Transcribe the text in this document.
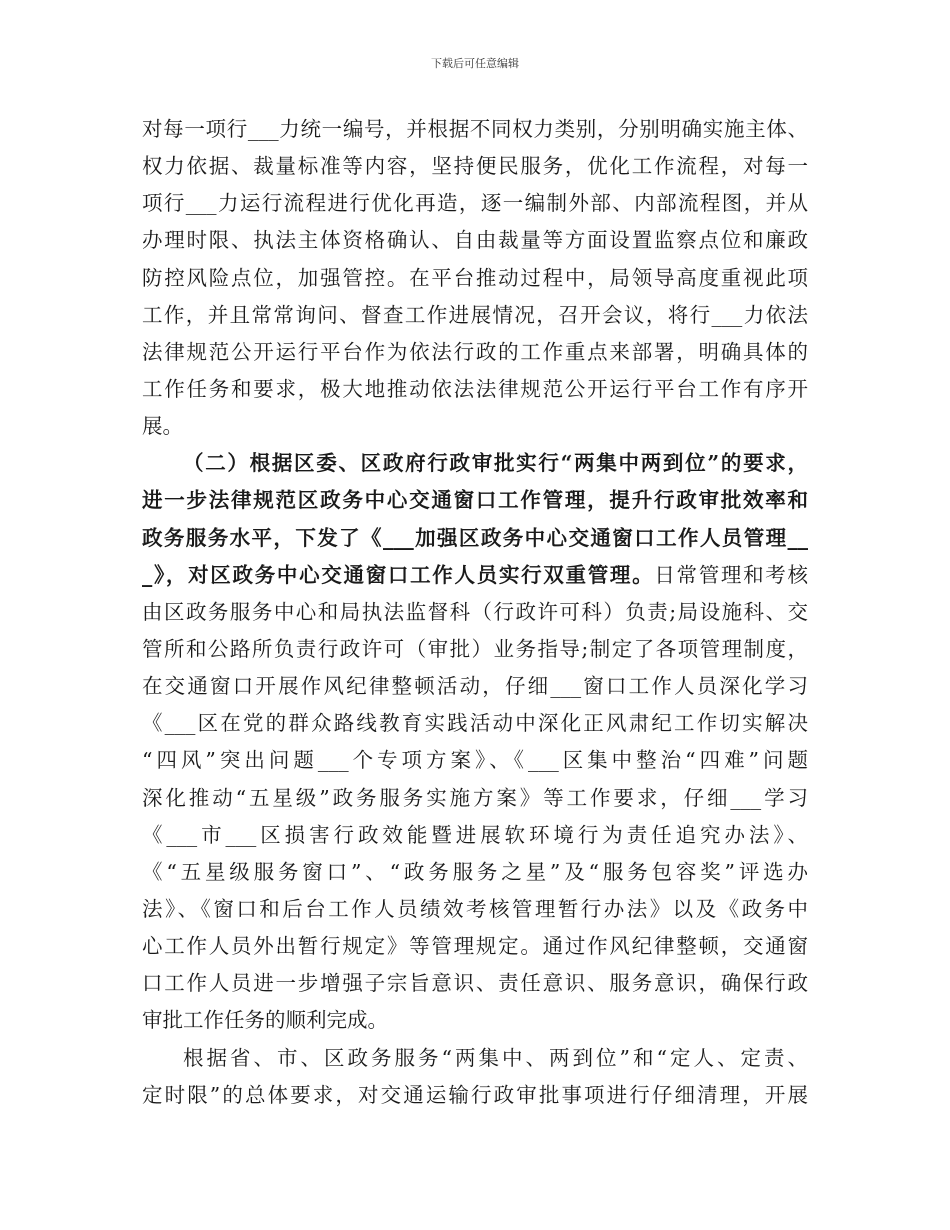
下载后可任意编辑
对每一项行___力统一编号，并根据不同权力类别，分别明确实施主体、
权力依据、裁量标准等内容，坚持便民服务，优化工作流程，对每一
项行___力运行流程进行优化再造，逐一编制外部、内部流程图，并从
办理时限、执法主体资格确认、自由裁量等方面设置监察点位和廉政
防控风险点位，加强管控。在平台推动过程中，局领导高度重视此项
工作，并且常常询问、督查工作进展情况，召开会议，将行___力依法
法律规范公开运行平台作为依法行政的工作重点来部署，明确具体的
工作任务和要求，极大地推动依法法律规范公开运行平台工作有序开
展。
（二）根据区委、区政府行政审批实行“两集中两到位”的要求，
进一步法律规范区政务中心交通窗口工作管理，提升行政审批效率和
政务服务水平，下发了《___加强区政务中心交通窗口工作人员管理__
_》，对区政务中心交通窗口工作人员实行双重管理。日常管理和考核
由区政务服务中心和局执法监督科（行政许可科）负责;局设施科、交
管所和公路所负责行政许可（审批）业务指导;制定了各项管理制度，
在交通窗口开展作风纪律整顿活动，仔细___窗口工作人员深化学习
《___区在党的群众路线教育实践活动中深化正风肃纪工作切实解决
“四风”突出问题___个专项方案》、《___区集中整治“四难”问题
深化推动“五星级”政务服务实施方案》等工作要求，仔细___学习
《___市___区损害行政效能暨进展软环境行为责任追究办法》、
《“五星级服务窗口”、“政务服务之星”及“服务包容奖”评选办
法》、《窗口和后台工作人员绩效考核管理暂行办法》以及《政务中
心工作人员外出暂行规定》等管理规定。通过作风纪律整顿，交通窗
口工作人员进一步增强子宗旨意识、责任意识、服务意识，确保行政
审批工作任务的顺利完成。
根据省、市、区政务服务“两集中、两到位”和“定人、定责、
定时限”的总体要求，对交通运输行政审批事项进行仔细清理，开展
